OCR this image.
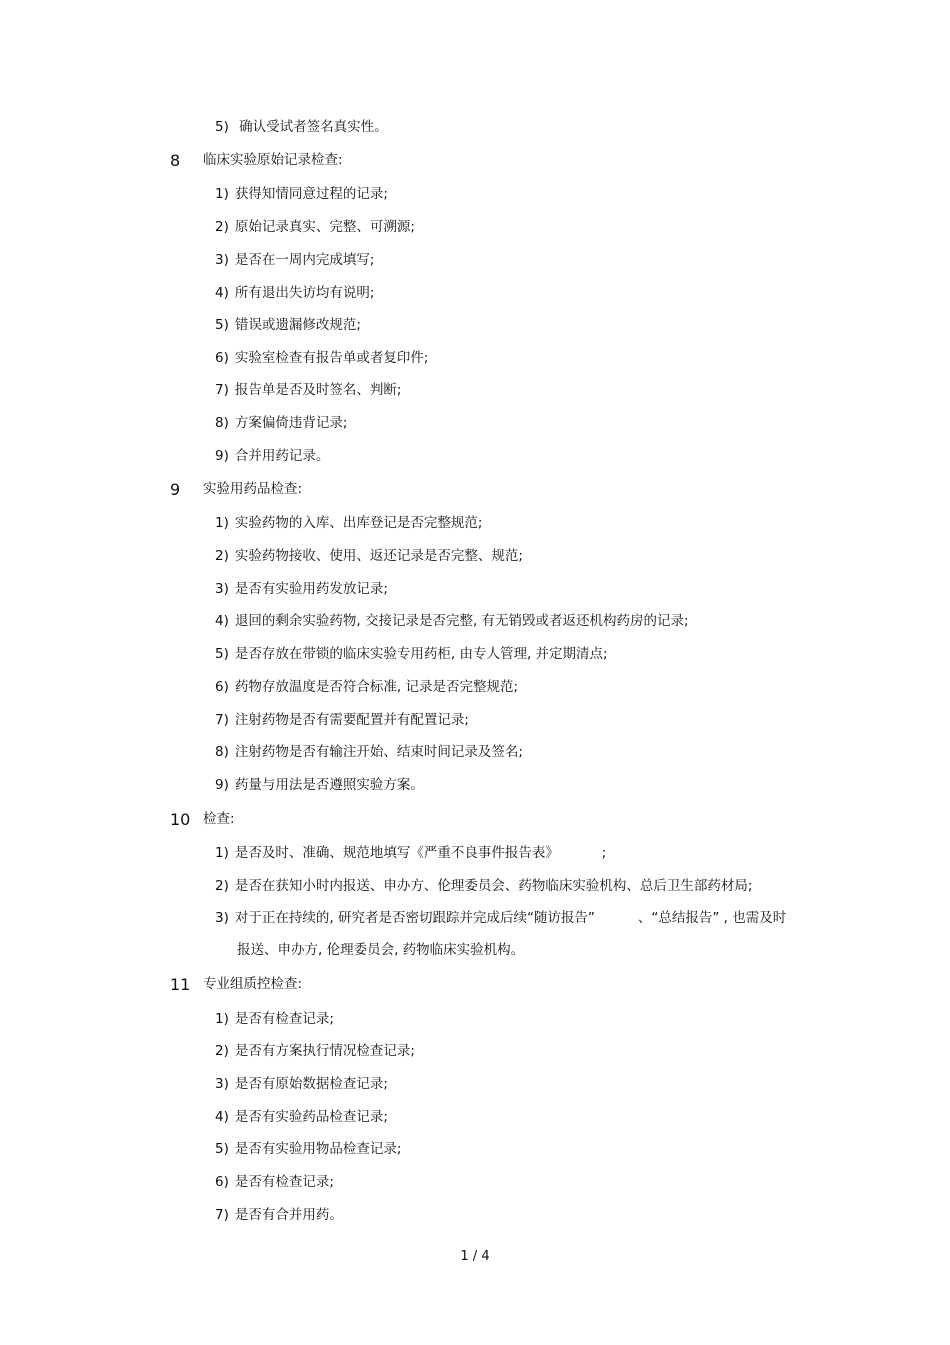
5) 确认受试者签名真实性。
8 临床实验原始记录检查:
1) 获得知情同意过程的记录;
2) 原始记录真实、完整、可溯源;
3) 是否在一周内完成填写;
4) 所有退出失访均有说明;
5) 错误或遗漏修改规范;
6) 实验室检查有报告单或者复印件;
7) 报告单是否及时签名、判断;
8) 方案偏倚违背记录;
9) 合并用药记录。
9 实验用药品检查:
1) 实验药物的入库、出库登记是否完整规范;
2) 实验药物接收、使用、返还记录是否完整、规范;
3) 是否有实验用药发放记录;
4) 退回的剩余实验药物, 交接记录是否完整, 有无销毁或者返还机构药房的记录;
5) 是否存放在带锁的临床实验专用药柜, 由专人管理, 并定期清点;
6) 药物存放温度是否符合标准, 记录是否完整规范;
7) 注射药物是否有需要配置并有配置记录;
8) 注射药物是否有输注开始、结束时间记录及签名;
9) 药量与用法是否遵照实验方案。
10 检查:
1) 是否及时、准确、规范地填写《严重不良事件报告表》          ;
2) 是否在获知小时内报送、申办方、伦理委员会、药物临床实验机构、总后卫生部药材局;
3) 对于正在持续的, 研究者是否密切跟踪并完成后续“随访报告”          、“总结报告” , 也需及时
报送、申办方, 伦理委员会, 药物临床实验机构。
11 专业组质控检查:
1) 是否有检查记录;
2) 是否有方案执行情况检查记录;
3) 是否有原始数据检查记录;
4) 是否有实验药品检查记录;
5) 是否有实验用物品检查记录;
6) 是否有检查记录;
7) 是否有合并用药。
1 / 4
